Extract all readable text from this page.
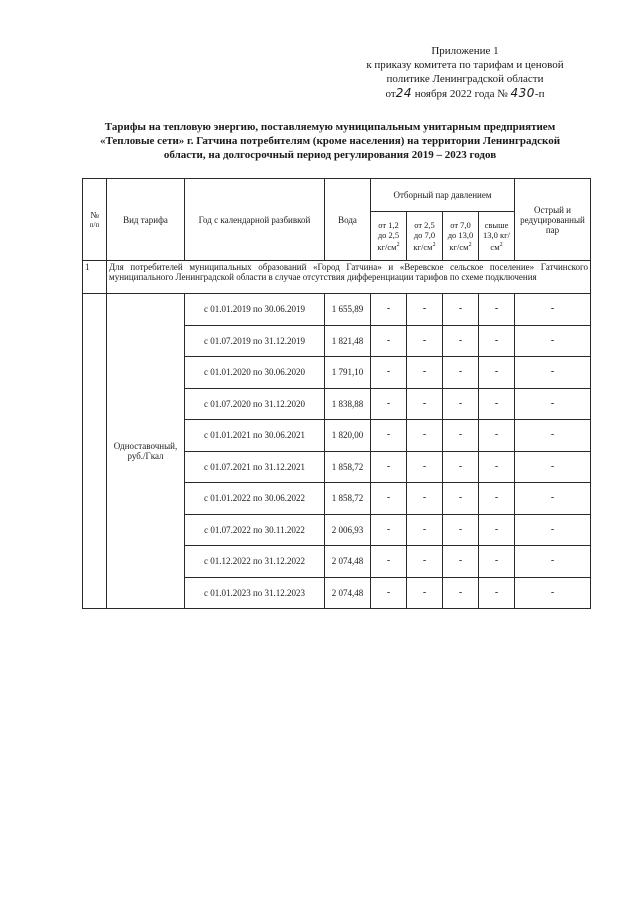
Приложение 1
к приказу комитета по тарифам и ценовой
политике Ленинградской области
от24 ноября 2022 года № 430-п
Тарифы на тепловую энергию, поставляемую муниципальным унитарным предприятием
«Тепловые сети» г. Гатчина потребителям (кроме населения) на территории Ленинградской
области, на долгосрочный период регулирования 2019 – 2023 годов
№
п/п	Вид тарифа	Год с календарной разбивкой	Вода	Отборный пар давлением				Острый и редуцированный пар
				от 1,2 до 2,5 $кг/см^2$	от 2,5 до 7,0 $кг/см^2$	от 7,0 до 13,0 $кг/см^2$	свыше 13,0 $кг/см^2$
1	Для потребителей муниципальных образований «Город Гатчина» и «Веревское сельское поселение» Гатчинского муниципального Ленинградской области в случае отсутствия дифференциации тарифов по схеме подключения							
	Одноставочный, руб./Гкал	с 01.01.2019 по 30.06.2019	1 655,89	-	-	-	-	-
		с 01.07.2019 по 31.12.2019	1 821,48	-	-	-	-	-
		с 01.01.2020 по 30.06.2020	1 791,10	-	-	-	-	-
		с 01.07.2020 по 31.12.2020	1 838,88	-	-	-	-	-
		с 01.01.2021 по 30.06.2021	1 820,00	-	-	-	-	-
		с 01.07.2021 по 31.12.2021	1 858,72	-	-	-	-	-
		с 01.01.2022 по 30.06.2022	1 858,72	-	-	-	-	-
		с 01.07.2022 по 30.11.2022	2 006,93	-	-	-	-	-
		с 01.12.2022 по 31.12.2022	2 074,48	-	-	-	-	-
		с 01.01.2023 по 31.12.2023	2 074,48	-	-	-	-	-
